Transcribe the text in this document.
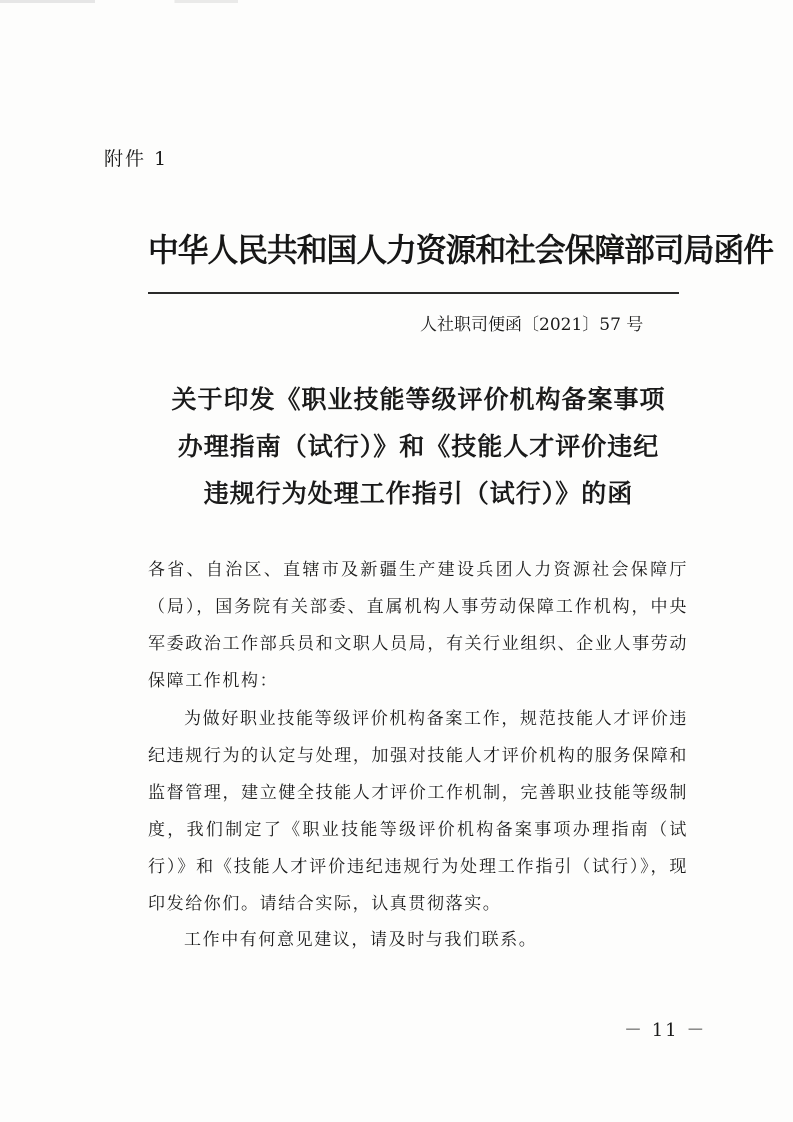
附件 1
中华人民共和国人力资源和社会保障部司局函件
人社职司便函〔2021〕57 号
关于印发《职业技能等级评价机构备案事项
办理指南（试行）》和《技能人才评价违纪
违规行为处理工作指引（试行）》的函
各省、自治区、直辖市及新疆生产建设兵团人力资源社会保障厅（局），国务院有关部委、直属机构人事劳动保障工作机构，中央军委政治工作部兵员和文职人员局，有关行业组织、企业人事劳动保障工作机构：
为做好职业技能等级评价机构备案工作，规范技能人才评价违纪违规行为的认定与处理，加强对技能人才评价机构的服务保障和监督管理，建立健全技能人才评价工作机制，完善职业技能等级制度，我们制定了《职业技能等级评价机构备案事项办理指南（试行）》和《技能人才评价违纪违规行为处理工作指引（试行）》，现印发给你们。请结合实际，认真贯彻落实。
工作中有何意见建议，请及时与我们联系。
－ 11 －
